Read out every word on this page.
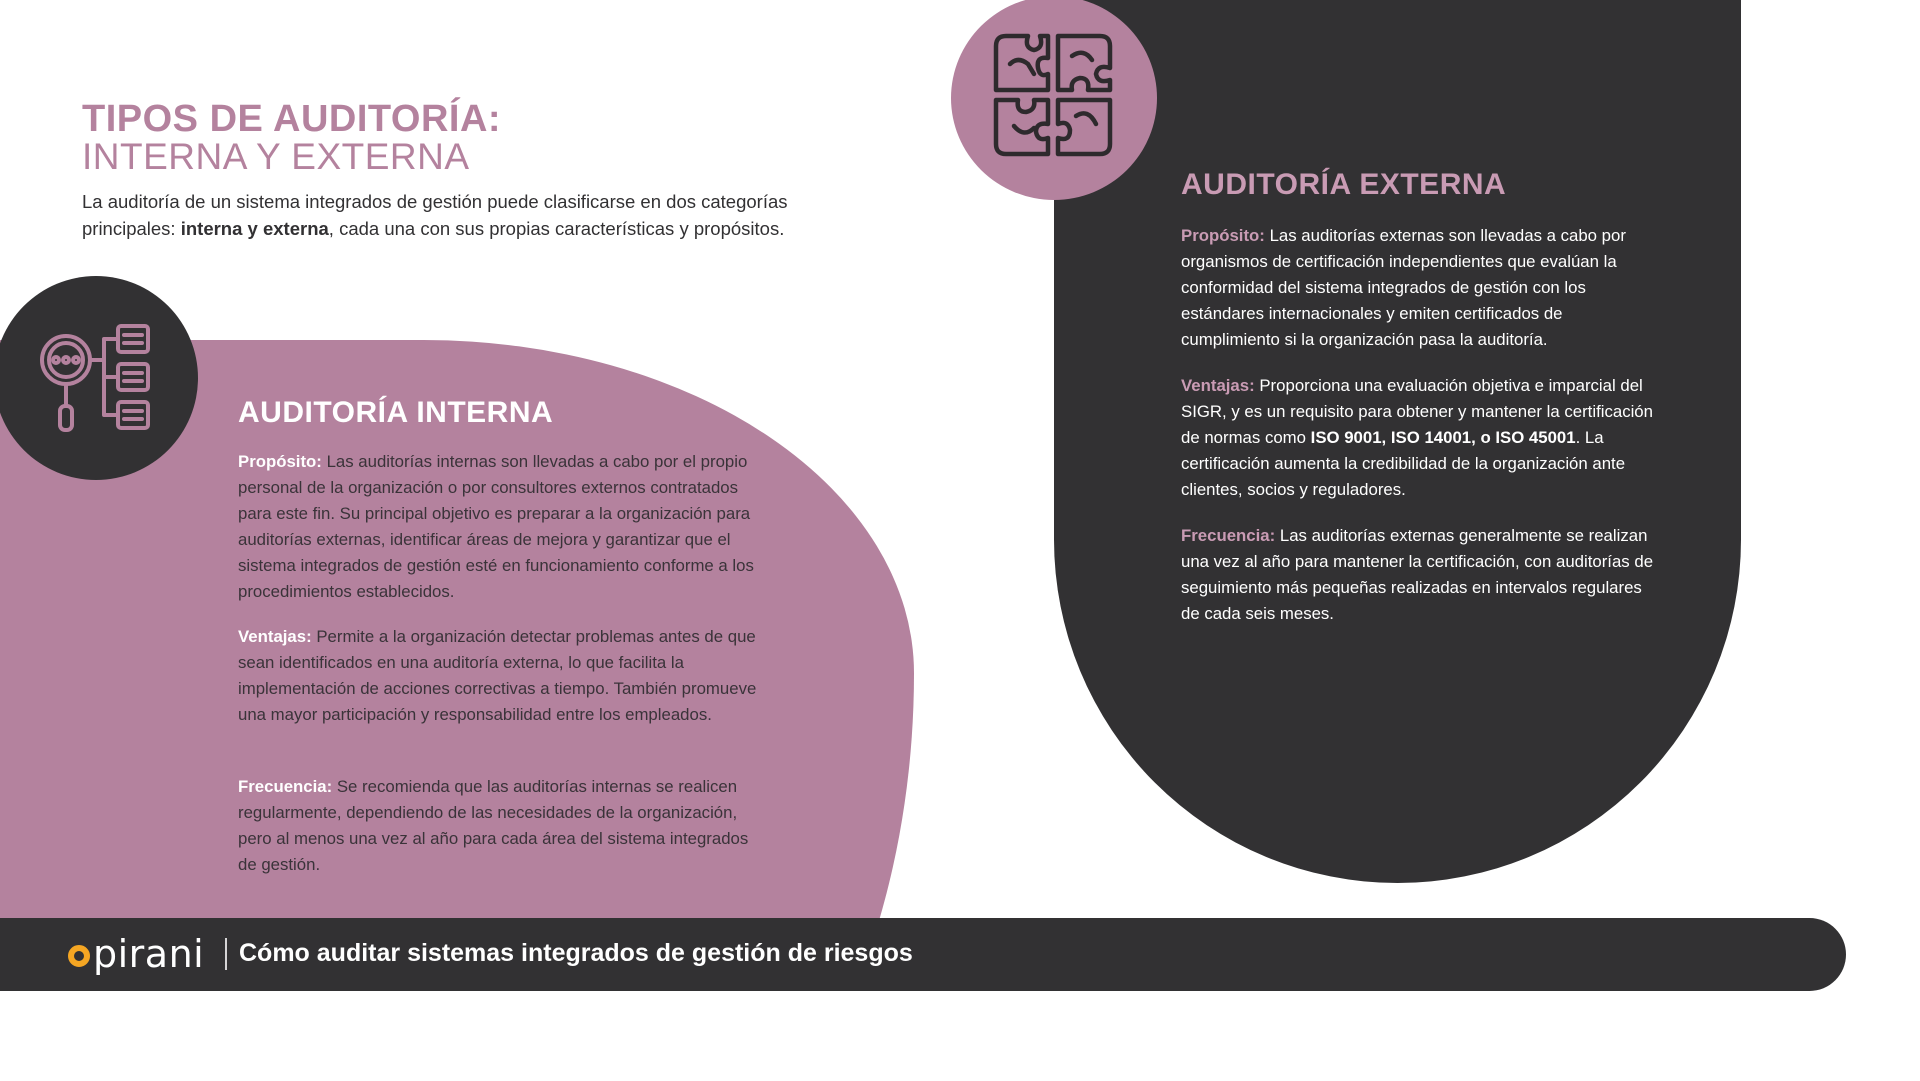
TIPOS DE AUDITORÍA:
INTERNA Y EXTERNA
La auditoría de un sistema integrados de gestión puede clasificarse en dos categorías principales: interna y externa, cada una con sus propias características y propósitos.
AUDITORÍA INTERNA
Propósito: Las auditorías internas son llevadas a cabo por el propio personal de la organización o por consultores externos contratados para este fin. Su principal objetivo es preparar a la organización para auditorías externas, identificar áreas de mejora y garantizar que el sistema integrados de gestión esté en funcionamiento conforme a los procedimientos establecidos.
Ventajas: Permite a la organización detectar problemas antes de que sean identificados en una auditoría externa, lo que facilita la implementación de acciones correctivas a tiempo. También promueve una mayor participación y responsabilidad entre los empleados.
Frecuencia: Se recomienda que las auditorías internas se realicen regularmente, dependiendo de las necesidades de la organización, pero al menos una vez al año para cada área del sistema integrados de gestión.
AUDITORÍA EXTERNA
Propósito: Las auditorías externas son llevadas a cabo por organismos de certificación independientes que evalúan la conformidad del sistema integrados de gestión con los estándares internacionales y emiten certificados de cumplimiento si la organización pasa la auditoría.
Ventajas: Proporciona una evaluación objetiva e imparcial del SIGR, y es un requisito para obtener y mantener la certificación de normas como ISO 9001, ISO 14001, o ISO 45001. La certificación aumenta la credibilidad de la organización ante clientes, socios y reguladores.
Frecuencia: Las auditorías externas generalmente se realizan una vez al año para mantener la certificación, con auditorías de seguimiento más pequeñas realizadas en intervalos regulares de cada seis meses.
pirani Cómo auditar sistemas integrados de gestión de riesgos
